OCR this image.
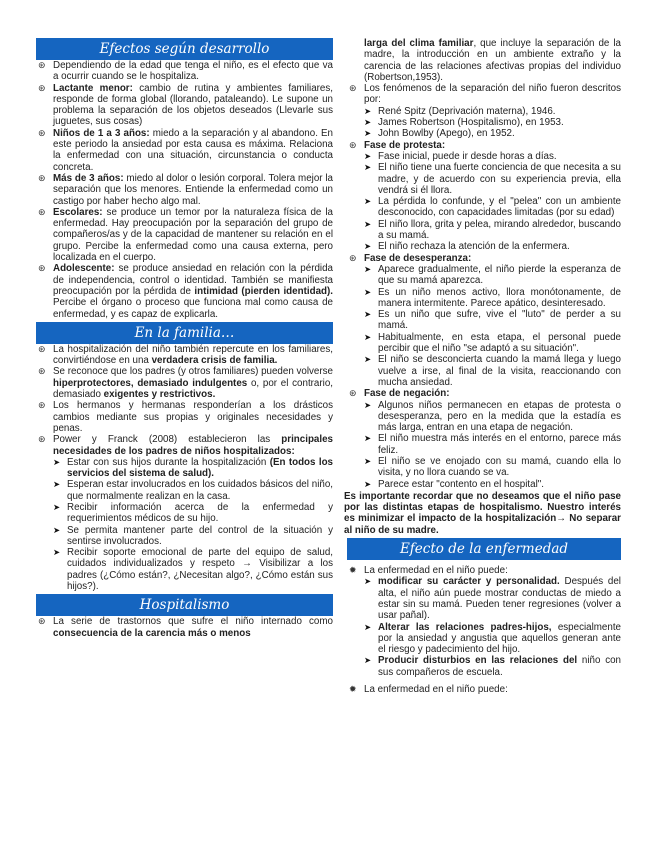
Efectos según desarrollo
⊛ Dependiendo de la edad que tenga el niño, es el efecto que va a ocurrir cuando se le hospitaliza.
⊛ Lactante menor: cambio de rutina y ambientes familiares, responde de forma global (llorando, pataleando). Le supone un problema la separación de los objetos deseados (Llevarle sus juguetes, sus cosas)
⊛ Niños de 1 a 3 años: miedo a la separación y al abandono. En este periodo la ansiedad por esta causa es máxima. Relaciona la enfermedad con una situación, circunstancia o conducta concreta.
⊛ Más de 3 años: miedo al dolor o lesión corporal. Tolera mejor la separación que los menores. Entiende la enfermedad como un castigo por haber hecho algo mal.
⊛ Escolares: se produce un temor por la naturaleza física de la enfermedad. Hay preocupación por la separación del grupo de compañeros/as y de la capacidad de mantener su relación en el grupo. Percibe la enfermedad como una causa externa, pero localizada en el cuerpo.
⊛ Adolescente: se produce ansiedad en relación con la pérdida de independencia, control o identidad. También se manifiesta preocupación por la pérdida de intimidad (pierden identidad). Percibe el órgano o proceso que funciona mal como causa de enfermedad, y es capaz de explicarla.
En la familia…
⊛ La hospitalización del niño también repercute en los familiares, convirtiéndose en una verdadera crisis de familia.
⊛ Se reconoce que los padres (y otros familiares) pueden volverse hiperprotectores, demasiado indulgentes o, por el contrario, demasiado exigentes y restrictivos.
⊛ Los hermanos y hermanas responderían a los drásticos cambios mediante sus propias y originales necesidades y penas.
⊛ Power y Franck (2008) establecieron las principales necesidades de los padres de niños hospitalizados:
➤ Estar con sus hijos durante la hospitalización (En todos los servicios del sistema de salud).
➤ Esperan estar involucrados en los cuidados básicos del niño, que normalmente realizan en la casa.
➤ Recibir información acerca de la enfermedad y requerimientos médicos de su hijo.
➤ Se permita mantener parte del control de la situación y sentirse involucrados.
➤ Recibir soporte emocional de parte del equipo de salud, cuidados individualizados y respeto → Visibilizar a los padres (¿Cómo están?, ¿Necesitan algo?, ¿Cómo están sus hijos?).
Hospitalismo
⊛ La serie de trastornos que sufre el niño internado como consecuencia de la carencia más o menos
larga del clima familiar, que incluye la separación de la madre, la introducción en un ambiente extraño y la carencia de las relaciones afectivas propias del individuo (Robertson,1953).
⊛ Los fenómenos de la separación del niño fueron descritos por:
➤ René Spitz (Deprivación materna), 1946.
➤ James Robertson (Hospitalismo), en 1953.
➤ John Bowlby (Apego), en 1952.
⊛ Fase de protesta:
➤ Fase inicial, puede ir desde horas a días.
➤ El niño tiene una fuerte conciencia de que necesita a su madre, y de acuerdo con su experiencia previa, ella vendrá si él llora.
➤ La pérdida lo confunde, y el "pelea" con un ambiente desconocido, con capacidades limitadas (por su edad)
➤ El niño llora, grita y pelea, mirando alrededor, buscando a su mamá.
➤ El niño rechaza la atención de la enfermera.
⊛ Fase de desesperanza:
➤ Aparece gradualmente, el niño pierde la esperanza de que su mamá aparezca.
➤ Es un niño menos activo, llora monótonamente, de manera intermitente. Parece apático, desinteresado.
➤ Es un niño que sufre, vive el "luto" de perder a su mamá.
➤ Habitualmente, en esta etapa, el personal puede percibir que el niño "se adaptó a su situación".
➤ El niño se desconcierta cuando la mamá llega y luego vuelve a irse, al final de la visita, reaccionando con mucha ansiedad.
⊛ Fase de negación:
➤ Algunos niños permanecen en etapas de protesta o desesperanza, pero en la medida que la estadía es más larga, entran en una etapa de negación.
➤ El niño muestra más interés en el entorno, parece más feliz.
➤ El niño se ve enojado con su mamá, cuando ella lo visita, y no llora cuando se va.
➤ Parece estar "contento en el hospital".
Es importante recordar que no deseamos que el niño pase por las distintas etapas de hospitalismo. Nuestro interés es minimizar el impacto de la hospitalización→ No separar al niño de su madre.
Efecto de la enfermedad
✹ La enfermedad en el niño puede:
➤ modificar su carácter y personalidad. Después del alta, el niño aún puede mostrar conductas de miedo a estar sin su mamá. Pueden tener regresiones (volver a usar pañal).
➤ Alterar las relaciones padres-hijos, especialmente por la ansiedad y angustia que aquellos generan ante el riesgo y padecimiento del hijo.
➤ Producir disturbios en las relaciones del niño con sus compañeros de escuela.
✹ La enfermedad en el niño puede:
